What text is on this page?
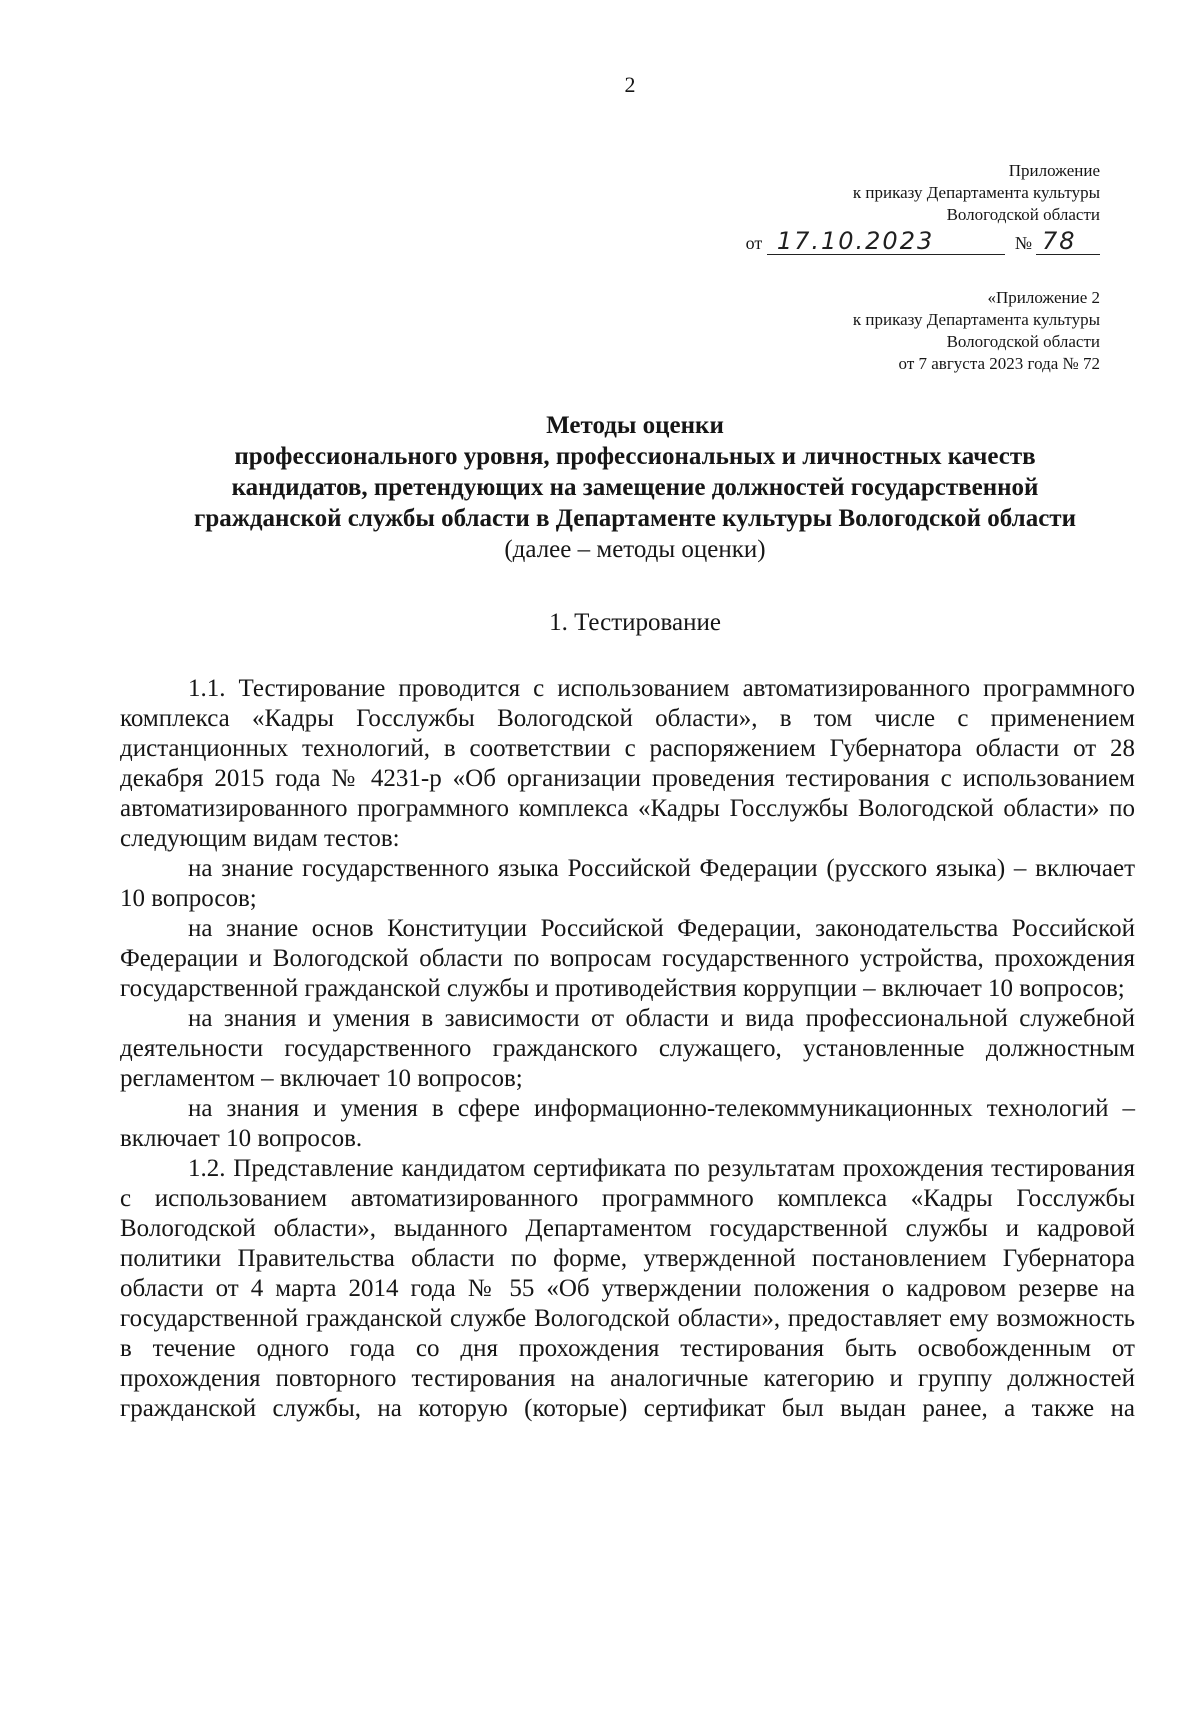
2
Приложение
к приказу Департамента культуры
Вологодской области
от 17.10.2023	№ 78
«Приложение 2
к приказу Департамента культуры
Вологодской области
от 7 августа 2023 года № 72
Методы оценки
профессионального уровня, профессиональных и личностных качеств
кандидатов, претендующих на замещение должностей государственной
гражданской службы области в Департаменте культуры Вологодской области
(далее – методы оценки)
1. Тестирование

1.1. Тестирование проводится с использованием автоматизированного программного комплекса «Кадры Госслужбы Вологодской области», в том числе с применением дистанционных технологий, в соответствии с распоряжением Губернатора области от 28 декабря 2015 года № 4231-р «Об организации проведения тестирования с использованием автоматизированного программного комплекса «Кадры Госслужбы Вологодской области» по следующим видам тестов:

на знание государственного языка Российской Федерации (русского языка) – включает 10 вопросов;

на знание основ Конституции Российской Федерации, законодательства Российской Федерации и Вологодской области по вопросам государственного устройства, прохождения государственной гражданской службы и противодействия коррупции – включает 10 вопросов;

на знания и умения в зависимости от области и вида профессиональной служебной деятельности государственного гражданского служащего, установленные должностным регламентом – включает 10 вопросов;

на знания и умения в сфере информационно-телекоммуникационных технологий – включает 10 вопросов.

1.2. Представление кандидатом сертификата по результатам прохождения тестирования с использованием автоматизированного программного комплекса «Кадры Госслужбы Вологодской области», выданного Департаментом государственной службы и кадровой политики Правительства области по форме, утвержденной постановлением Губернатора области от 4 марта 2014 года № 55 «Об утверждении положения о кадровом резерве на государственной гражданской службе Вологодской области», предоставляет ему возможность в течение одного года со дня прохождения тестирования быть освобожденным от прохождения повторного тестирования на аналогичные категорию и группу должностей гражданской службы, на которую (которые) сертификат был выдан ранее, а также на
